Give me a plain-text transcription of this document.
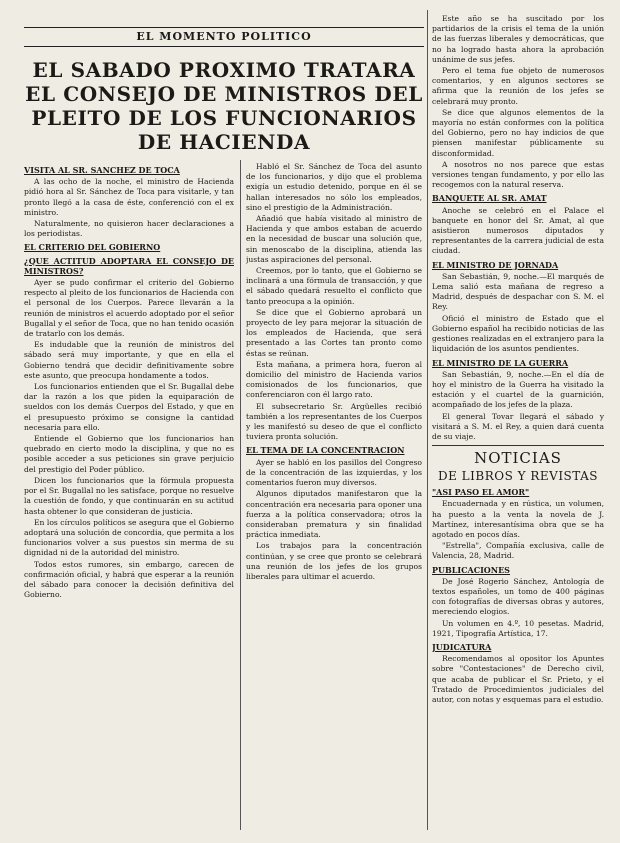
EL MOMENTO POLITICO
EL SABADO PROXIMO TRATARA EL CONSEJO DE MINISTROS DEL PLEITO DE LOS FUNCIONARIOS DE HACIENDA
VISITA AL SR. SANCHEZ DE TOCA

A las ocho de la noche, el ministro de Hacienda pidió hora al Sr. Sánchez de Toca para visitarle, y tan pronto llegó a la casa de éste, conferenció con el ex ministro.

Naturalmente, no quisieron hacer declaraciones a los periodistas.

EL CRITERIO DEL GOBIERNO
¿QUE ACTITUD ADOPTARA EL CONSEJO DE MINISTROS?

Ayer se pudo confirmar el criterio del Gobierno respecto al pleito de los funcionarios de Hacienda con el personal de los Cuerpos. Parece llevarán a la reunión de ministros el acuerdo adoptado por el señor Bugallal y el señor de Toca, que no han tenido ocasión de tratarlo con los demás.

Es indudable que la reunión de ministros del sábado será muy importante, y que en ella el Gobierno tendrá que decidir definitivamente sobre este asunto, que preocupa hondamente a todos.

Los funcionarios entienden que el Sr. Bugallal debe dar la razón a los que piden la equiparación de sueldos con los demás Cuerpos del Estado, y que en el presupuesto próximo se consigne la cantidad necesaria para ello.

Entiende el Gobierno que los funcionarios han quebrado en cierto modo la disciplina, y que no es posible acceder a sus peticiones sin grave perjuicio del prestigio del Poder público.

Dicen los funcionarios que la fórmula propuesta por el Sr. Bugallal no les satisface, porque no resuelve la cuestión de fondo, y que continuarán en su actitud hasta obtener lo que consideran de justicia.

En los círculos políticos se asegura que el Gobierno adoptará una solución de concordia, que permita a los funcionarios volver a sus puestos sin merma de su dignidad ni de la autoridad del ministro.

Todos estos rumores, sin embargo, carecen de confirmación oficial, y habrá que esperar a la reunión del sábado para conocer la decisión definitiva del Gobierno.

Habló el Sr. Sánchez de Toca del asunto de los funcionarios, y dijo que el problema exigía un estudio detenido, porque en él se hallan interesados no sólo los empleados, sino el prestigio de la Administración.

Añadió que había visitado al ministro de Hacienda y que ambos estaban de acuerdo en la necesidad de buscar una solución que, sin menoscabo de la disciplina, atienda las justas aspiraciones del personal.

Creemos, por lo tanto, que el Gobierno se inclinará a una fórmula de transacción, y que el sábado quedará resuelto el conflicto que tanto preocupa a la opinión.

Se dice que el Gobierno aprobará un proyecto de ley para mejorar la situación de los empleados de Hacienda, que será presentado a las Cortes tan pronto como éstas se reúnan.

Esta mañana, a primera hora, fueron al domicilio del ministro de Hacienda varios comisionados de los funcionarios, que conferenciaron con él largo rato.

El subsecretario Sr. Argüelles recibió también a los representantes de los Cuerpos y les manifestó su deseo de que el conflicto tuviera pronta solución.

EL TEMA DE LA CONCENTRACION

Ayer se habló en los pasillos del Congreso de la concentración de las izquierdas, y los comentarios fueron muy diversos.

Algunos diputados manifestaron que la concentración era necesaria para oponer una fuerza a la política conservadora; otros la consideraban prematura y sin finalidad práctica inmediata.

Los trabajos para la concentración continúan, y se cree que pronto se celebrará una reunión de los jefes de los grupos liberales para ultimar el acuerdo.

Este año se ha suscitado por los partidarios de la crisis el tema de la unión de las fuerzas liberales y democráticas, que no ha logrado hasta ahora la aprobación unánime de sus jefes.

Pero el tema fue objeto de numerosos comentarios, y en algunos sectores se afirma que la reunión de los jefes se celebrará muy pronto.

Se dice que algunos elementos de la mayoría no están conformes con la política del Gobierno, pero no hay indicios de que piensen manifestar públicamente su disconformidad.

A nosotros no nos parece que estas versiones tengan fundamento, y por ello las recogemos con la natural reserva.

BANQUETE AL SR. AMAT

Anoche se celebró en el Palace el banquete en honor del Sr. Amat, al que asistieron numerosos diputados y representantes de la carrera judicial de esta ciudad.

EL MINISTRO DE JORNADA

San Sebastián, 9, noche.—El marqués de Lema salió esta mañana de regreso a Madrid, después de despachar con S. M. el Rey.

Ofició el ministro de Estado que el Gobierno español ha recibido noticias de las gestiones realizadas en el extranjero para la liquidación de los asuntos pendientes.

EL MINISTRO DE LA GUERRA

San Sebastián, 9, noche.—En el día de hoy el ministro de la Guerra ha visitado la estación y el cuartel de la guarnición, acompañado de los jefes de la plaza.

El general Tovar llegará el sábado y visitará a S. M. el Rey, a quien dará cuenta de su viaje.

NOTICIAS
DE LIBROS Y REVISTAS
"ASI PASO EL AMOR"

Encuadernada y en rústica, un volumen, ha puesto a la venta la novela de J. Martínez, interesantísima obra que se ha agotado en pocos días.

"Estrella", Compañía exclusiva, calle de Valencia, 28, Madrid.

PUBLICACIONES

De José Rogerio Sánchez, Antología de textos españoles, un tomo de 400 páginas con fotografías de diversas obras y autores, mereciendo elogios.

Un volumen en 4.º, 10 pesetas. Madrid, 1921, Tipografía Artística, 17.

JUDICATURA

Recomendamos al opositor los Apuntes sobre "Contestaciones" de Derecho civil, que acaba de publicar el Sr. Prieto, y el Tratado de Procedimientos judiciales del autor, con notas y esquemas para el estudio.
